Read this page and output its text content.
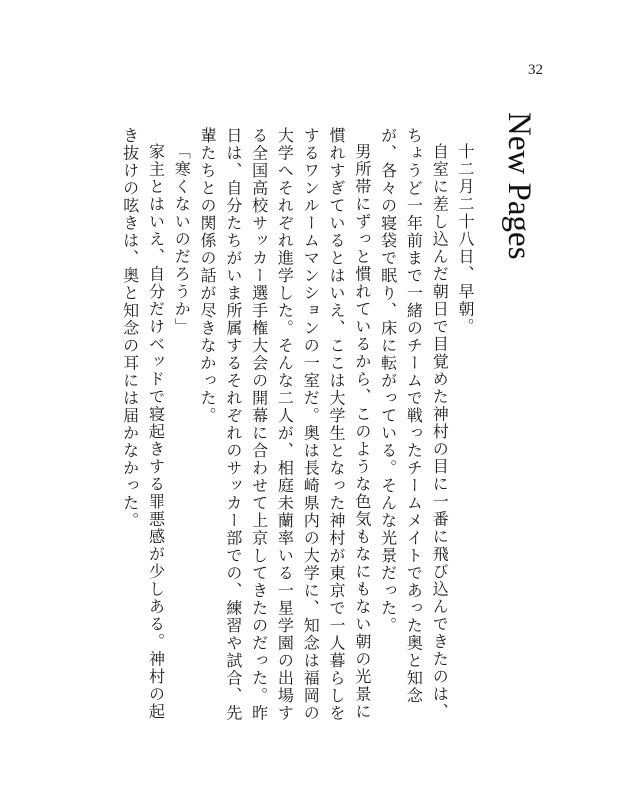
32
New Pages

十二月二十八日、早朝。

自室に差し込んだ朝日で目覚めた神村の目に一番に飛び込んできたのは、ちょうど一年前まで一緒のチームで戦ったチームメイトであった奥と知念が、各々の寝袋で眠り、床に転がっている。そんな光景だった。

男所帯にずっと慣れているから、このような色気もなにもない朝の光景に慣れすぎているとはいえ、ここは大学生となった神村が東京で一人暮らしをするワンルームマンションの一室だ。奥は長崎県内の大学に、知念は福岡の大学へそれぞれ進学した。そんな二人が、相庭未蘭率いる一星学園の出場する全国高校サッカー選手権大会の開幕に合わせて上京してきたのだった。昨日は、自分たちがいま所属するそれぞれのサッカー部での、練習や試合、先輩たちとの関係の話が尽きなかった。

「寒くないのだろうか」

家主とはいえ、自分だけベッドで寝起きする罪悪感が少しある。神村の起き抜けの呟きは、奥と知念の耳には届かなかった。
